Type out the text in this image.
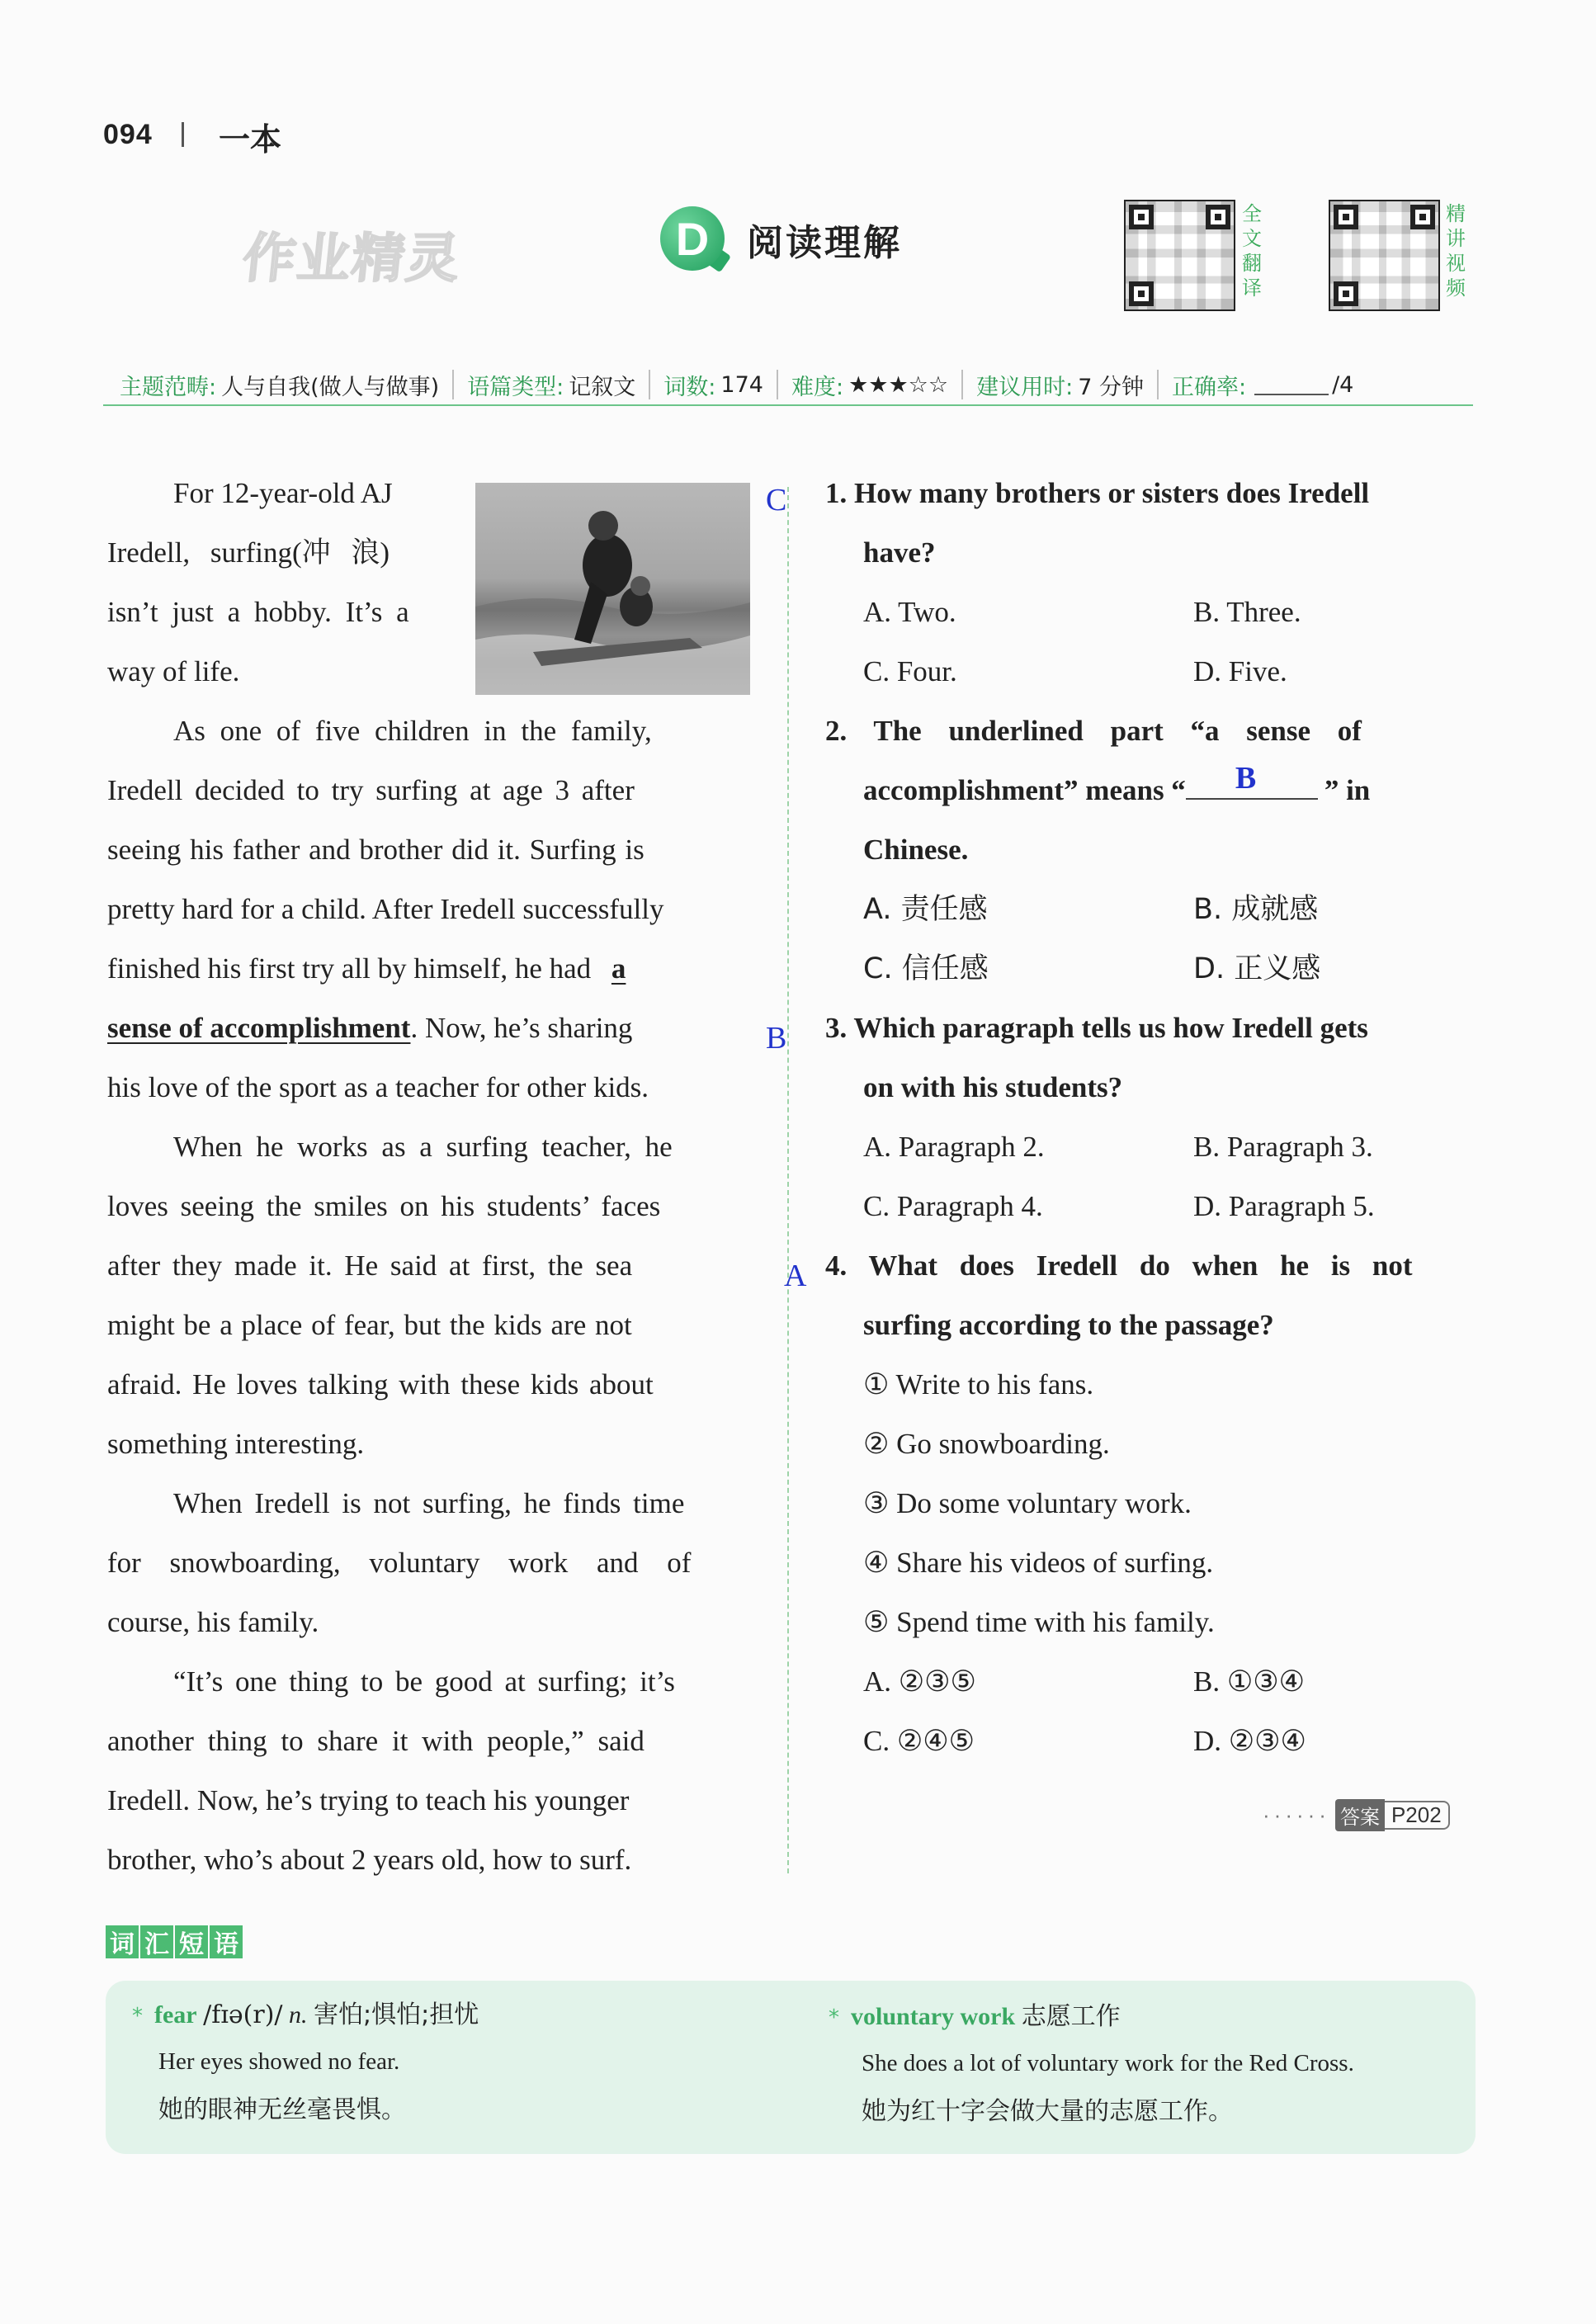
094 一本
作业精灵	D	阅读理解
全
文
翻
译
精
讲
视
频
主题范畴: 人与自我(做人与做事) 语篇类型: 记叙文 词数: 174 难度: ★★★☆☆ 建议用时: 7 分钟 正确率:	/4
For 12-year-old AJ
Iredell, surfing(冲 浪)
isn’t just a hobby. It’s a
way of life.
As one of five children in the family,
Iredell decided to try surfing at age 3 after
seeing his father and brother did it. Surfing is
pretty hard for a child. After Iredell successfully
finished his first try all by himself, he had a
sense of accomplishment. Now, he’s sharing
his love of the sport as a teacher for other kids.
When he works as a surfing teacher, he
loves seeing the smiles on his students’ faces
after they made it. He said at first, the sea
might be a place of fear, but the kids are not
afraid. He loves talking with these kids about
something interesting.
When Iredell is not surfing, he finds time
for snowboarding, voluntary work and of
course, his family.
“It’s one thing to be good at surfing; it’s
another thing to share it with people,” said
Iredell. Now, he’s trying to teach his younger
brother, who’s about 2 years old, how to surf.
C 1. How many brothers or sisters does Iredell
have?
A. Two.	B. Three.
C. Four.	D. Five.
2. The underlined part “a sense of
accomplishment” means “ B ” in
Chinese.
A. 责任感	B. 成就感
C. 信任感	D. 正义感
B 3. Which paragraph tells us how Iredell gets
on with his students?
A. Paragraph 2.	B. Paragraph 3.
C. Paragraph 4.	D. Paragraph 5.
A 4. What does Iredell do when he is not
surfing according to the passage?
① Write to his fans.
② Go snowboarding.
③ Do some voluntary work.
④ Share his videos of surfing.
⑤ Spend time with his family.
A. ②③⑤	B. ①③④
C. ②④⑤	D. ②③④
······ 答案 P202
词 汇 短 语
* fear /fɪə(r)/ n. 害怕;惧怕;担忧
Her eyes showed no fear.
她的眼神无丝毫畏惧。
* voluntary work 志愿工作
She does a lot of voluntary work for the Red Cross.
她为红十字会做大量的志愿工作。
